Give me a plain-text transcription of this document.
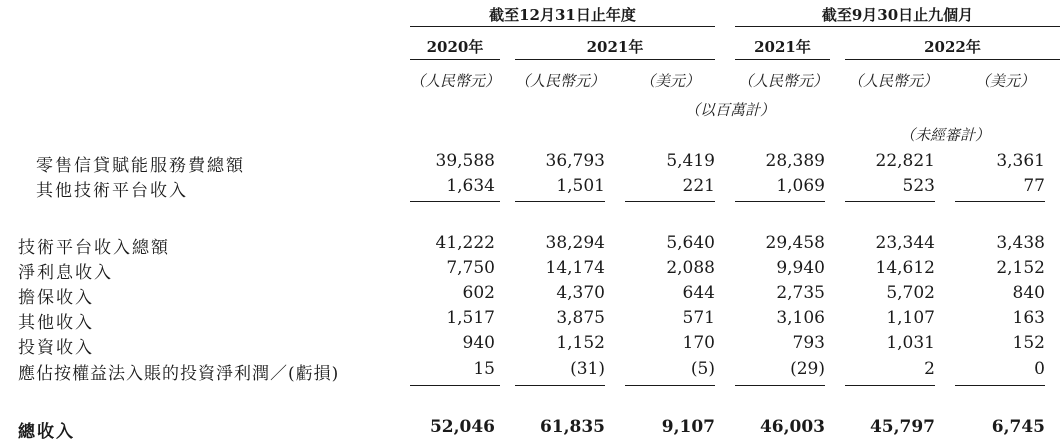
截至12月31日止年度	截至9月30日止九個月
2020年	2021年	2021年	2022年
（人民幣元） （人民幣元）	（美元）	（人民幣元）	（人民幣元）	（美元）
（以百萬計）
（未經審計）
零售信貸賦能服務費總額	39,588	36,793	5,419	28,389	22,821	3,361
其他技術平台收入	1,634	1,501	221	1,069	523	77
技術平台收入總額	41,222	38,294	5,640	29,458	23,344	3,438
淨利息收入	7,750	14,174	2,088	9,940	14,612	2,152
擔保收入	602	4,370	644	2,735	5,702	840
其他收入	1,517	3,875	571	3,106	1,107	163
投資收入	940	1,152	170	793	1,031	152
應佔按權益法入賬的投資淨利潤／(虧損)	15	(31)	(5)	(29)	2	0
總收入	52,046	61,835	9,107	46,003	45,797	6,745
